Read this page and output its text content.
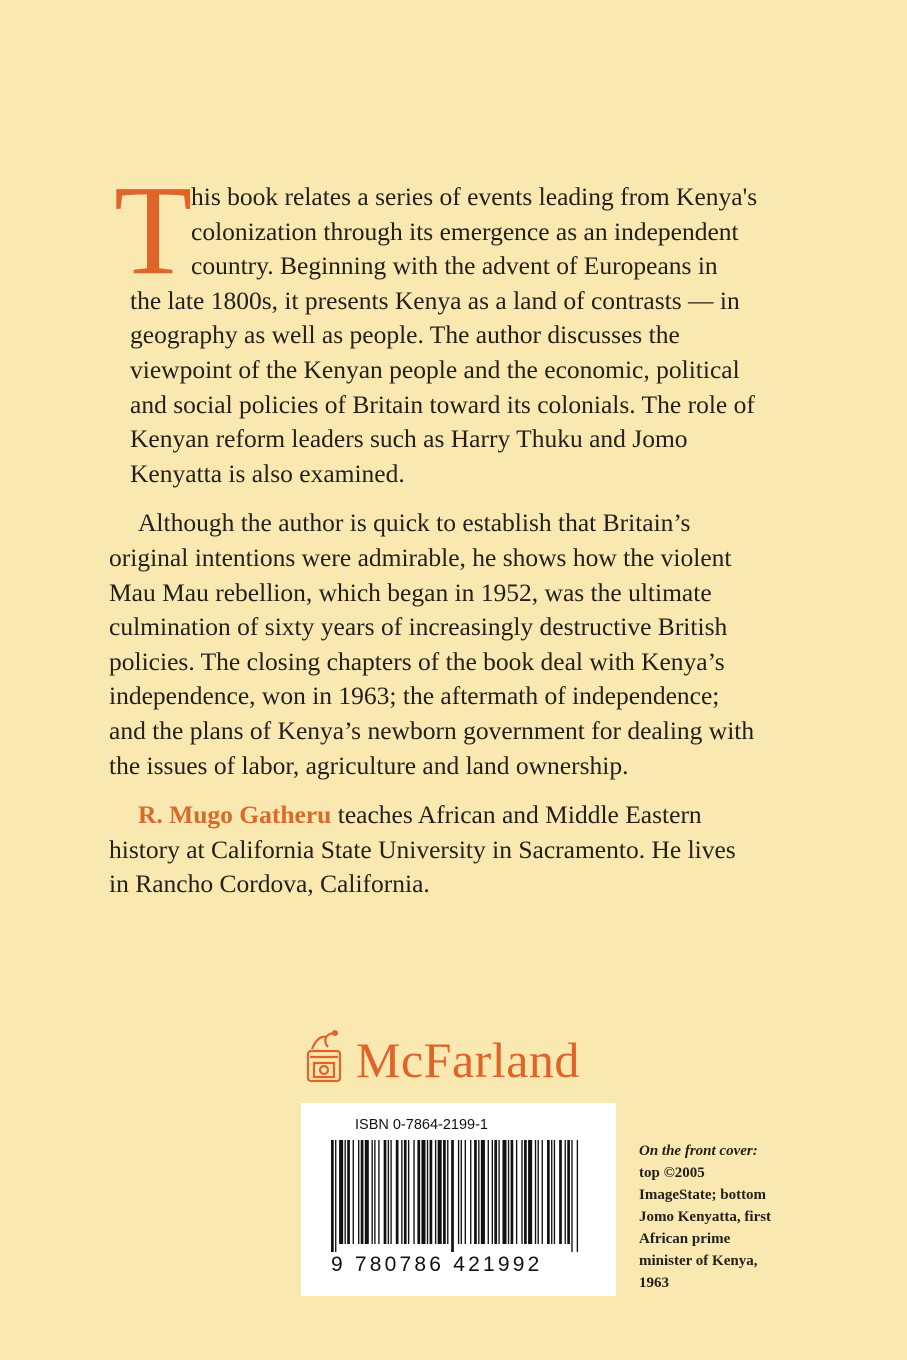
T

his book relates a series of events leading from Kenya's
colonization through its emergence as an independent
country. Beginning with the advent of Europeans in
the late 1800s, it presents Kenya as a land of contrasts — in
geography as well as people. The author discusses the
viewpoint of the Kenyan people and the economic, political
and social policies of Britain toward its colonials. The role of
Kenyan reform leaders such as Harry Thuku and Jomo
Kenyatta is also examined.

Although the author is quick to establish that Britain’s
original intentions were admirable, he shows how the violent
Mau Mau rebellion, which began in 1952, was the ultimate
culmination of sixty years of increasingly destructive British
policies. The closing chapters of the book deal with Kenya’s
independence, won in 1963; the aftermath of independence;
and the plans of Kenya’s newborn government for dealing with
the issues of labor, agriculture and land ownership.

R. Mugo Gatheru teaches African and Middle Eastern
history at California State University in Sacramento. He lives
in Rancho Cordova, California.

McFarland
ISBN 0-7864-2199-1
9 780786 421992
On the front cover:
top ©2005
ImageState; bottom
Jomo Kenyatta, first
African prime
minister of Kenya,
1963
